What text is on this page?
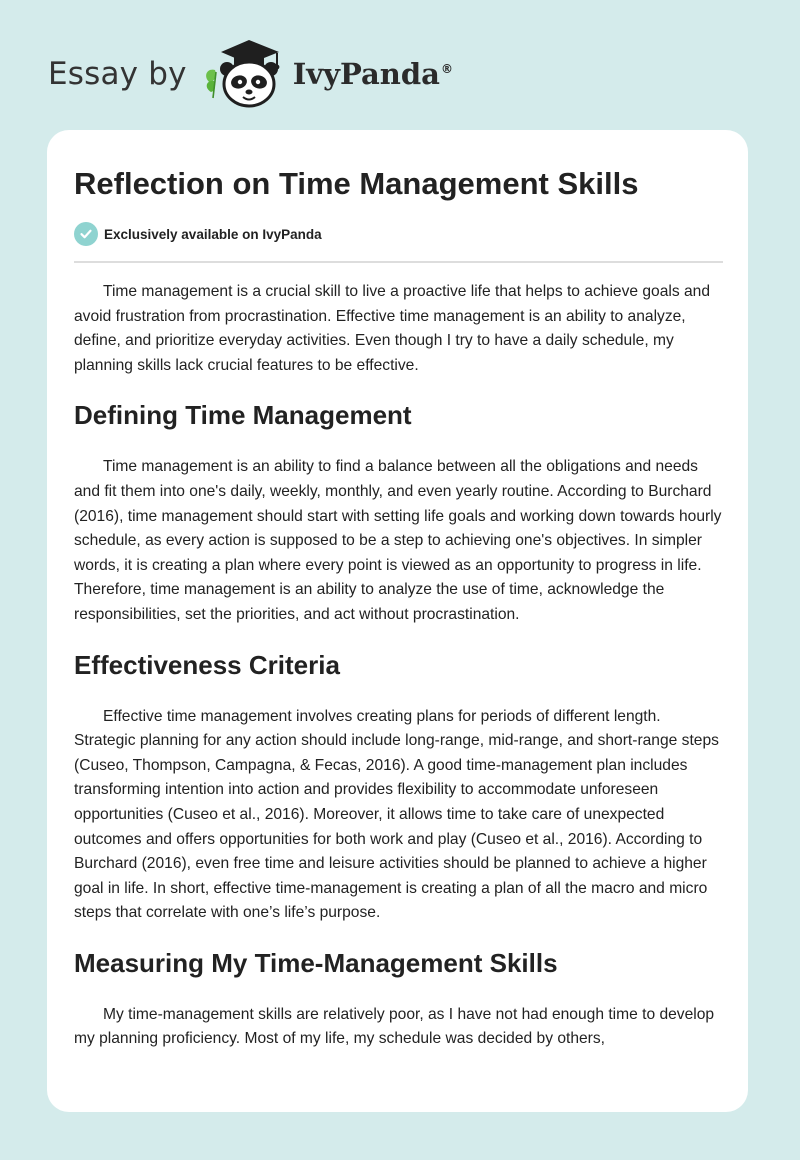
Essay by	IvyPanda®
Reflection on Time Management Skills
Exclusively available on IvyPanda

Time management is a crucial skill to live a proactive life that helps to achieve goals and avoid frustration from procrastination. Effective time management is an ability to analyze, define, and prioritize everyday activities. Even though I try to have a daily schedule, my planning skills lack crucial features to be effective.

Defining Time Management

Time management is an ability to find a balance between all the obligations and needs and fit them into one's daily, weekly, monthly, and even yearly routine. According to Burchard (2016), time management should start with setting life goals and working down towards hourly schedule, as every action is supposed to be a step to achieving one's objectives. In simpler words, it is creating a plan where every point is viewed as an opportunity to progress in life. Therefore, time management is an ability to analyze the use of time, acknowledge the responsibilities, set the priorities, and act without procrastination.

Effectiveness Criteria

Effective time management involves creating plans for periods of different length. Strategic planning for any action should include long-range, mid-range, and short-range steps (Cuseo, Thompson, Campagna, & Fecas, 2016). A good time-management plan includes transforming intention into action and provides flexibility to accommodate unforeseen opportunities (Cuseo et al., 2016). Moreover, it allows time to take care of unexpected outcomes and offers opportunities for both work and play (Cuseo et al., 2016). According to Burchard (2016), even free time and leisure activities should be planned to achieve a higher goal in life. In short, effective time-management is creating a plan of all the macro and micro steps that correlate with one’s life’s purpose.

Measuring My Time-Management Skills

My time-management skills are relatively poor, as I have not had enough time to develop my planning proficiency. Most of my life, my schedule was decided by others,
